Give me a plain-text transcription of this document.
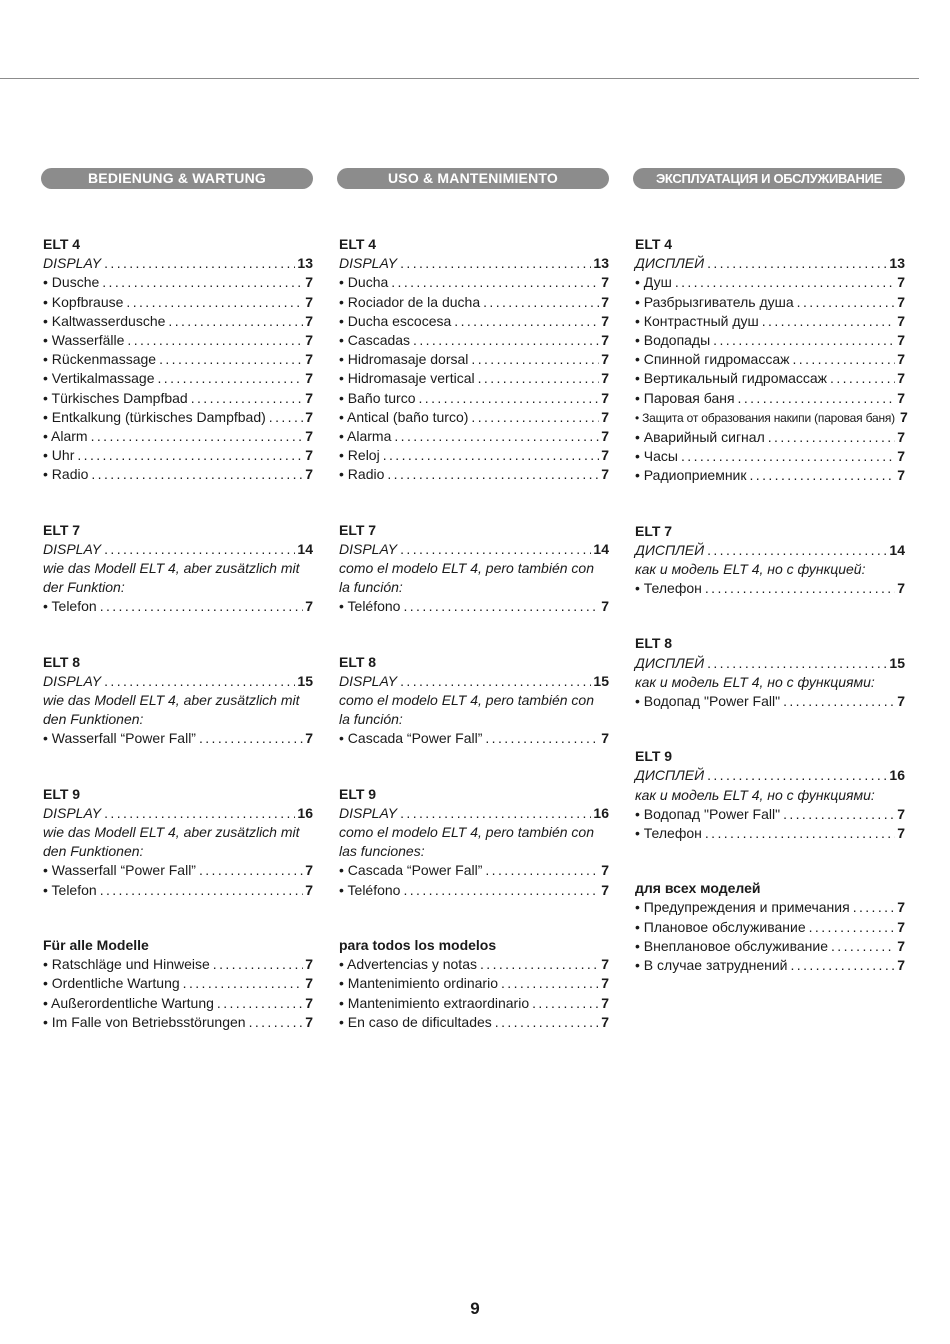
BEDIENUNG & WARTUNG
ELT 4
DISPLAY .....	13
• Dusche .....	7
• Kopfbrause .....	7
• Kaltwasserdusche .....	7
• Wasserfälle .....	7
• Rückenmassage .....	7
• Vertikalmassage .....	7
• Türkisches Dampfbad .....	7
• Entkalkung (türkisches Dampfbad) .....	7
• Alarm .....	7
• Uhr .....	7
• Radio .....	7
ELT 7
DISPLAY .....	14
wie das Modell ELT 4, aber zusätzlich mit
der Funktion:
• Telefon .....	7
ELT 8
DISPLAY .....	15
wie das Modell ELT 4, aber zusätzlich mit
den Funktionen:
• Wasserfall “Power Fall” .....	7
ELT 9
DISPLAY .....	16
wie das Modell ELT 4, aber zusätzlich mit
den Funktionen:
• Wasserfall “Power Fall” .....	7
• Telefon .....	7
Für alle Modelle
• Ratschläge und Hinweise .....	7
• Ordentliche Wartung .....	7
• Außerordentliche Wartung .....	7
• Im Falle von Betriebsstörungen .....	7
USO & MANTENIMIENTO
ELT 4
DISPLAY .....	13
• Ducha .....	7
• Rociador de la ducha .....	7
• Ducha escocesa .....	7
• Cascadas .....	7
• Hidromasaje dorsal .....	7
• Hidromasaje vertical .....	7
• Baño turco .....	7
• Antical (baño turco) .....	7
• Alarma .....	7
• Reloj .....	7
• Radio .....	7
ELT 7
DISPLAY .....	14
como el modelo ELT 4, pero también con
la función:
• Teléfono .....	7
ELT 8
DISPLAY .....	15
como el modelo ELT 4, pero también con
la función:
• Cascada “Power Fall” .....	7
ELT 9
DISPLAY .....	16
como el modelo ELT 4, pero también con
las funciones:
• Cascada “Power Fall” .....	7
• Teléfono .....	7
para todos los modelos
• Advertencias y notas .....	7
• Mantenimiento ordinario .....	7
• Mantenimiento extraordinario .....	7
• En caso de dificultades .....	7
ЭКСПЛУАТАЦИЯ И ОБСЛУЖИВАНИЕ
ELT 4
ДИСПЛЕЙ .....	13
• Душ .....	7
• Разбрызгиватель душа .....	7
• Контрастный душ .....	7
• Водопады .....	7
• Спинной гидромассаж .....	7
• Вертикальный гидромассаж .....	7
• Паровая баня .....	7
• Защита от образования накипи (паровая баня) 7
• Аварийный сигнал .....	7
• Часы .....	7
• Радиоприемник .....	7
ELT 7
ДИСПЛЕЙ .....	14
как и модель ELT 4, но с функцией:
• Телефон .....	7
ELT 8
ДИСПЛЕЙ .....	15
как и модель ELT 4, но с функциями:
• Водопад "Power Fall" .....	7
ELT 9
ДИСПЛЕЙ .....	16
как и модель ELT 4, но с функциями:
• Водопад "Power Fall" .....	7
• Телефон .....	7
для всех моделей
• Предупреждения и примечания .....	7
• Плановое обслуживание .....	7
• Внеплановое обслуживание .....	7
• В случае затруднений .....	7
9
